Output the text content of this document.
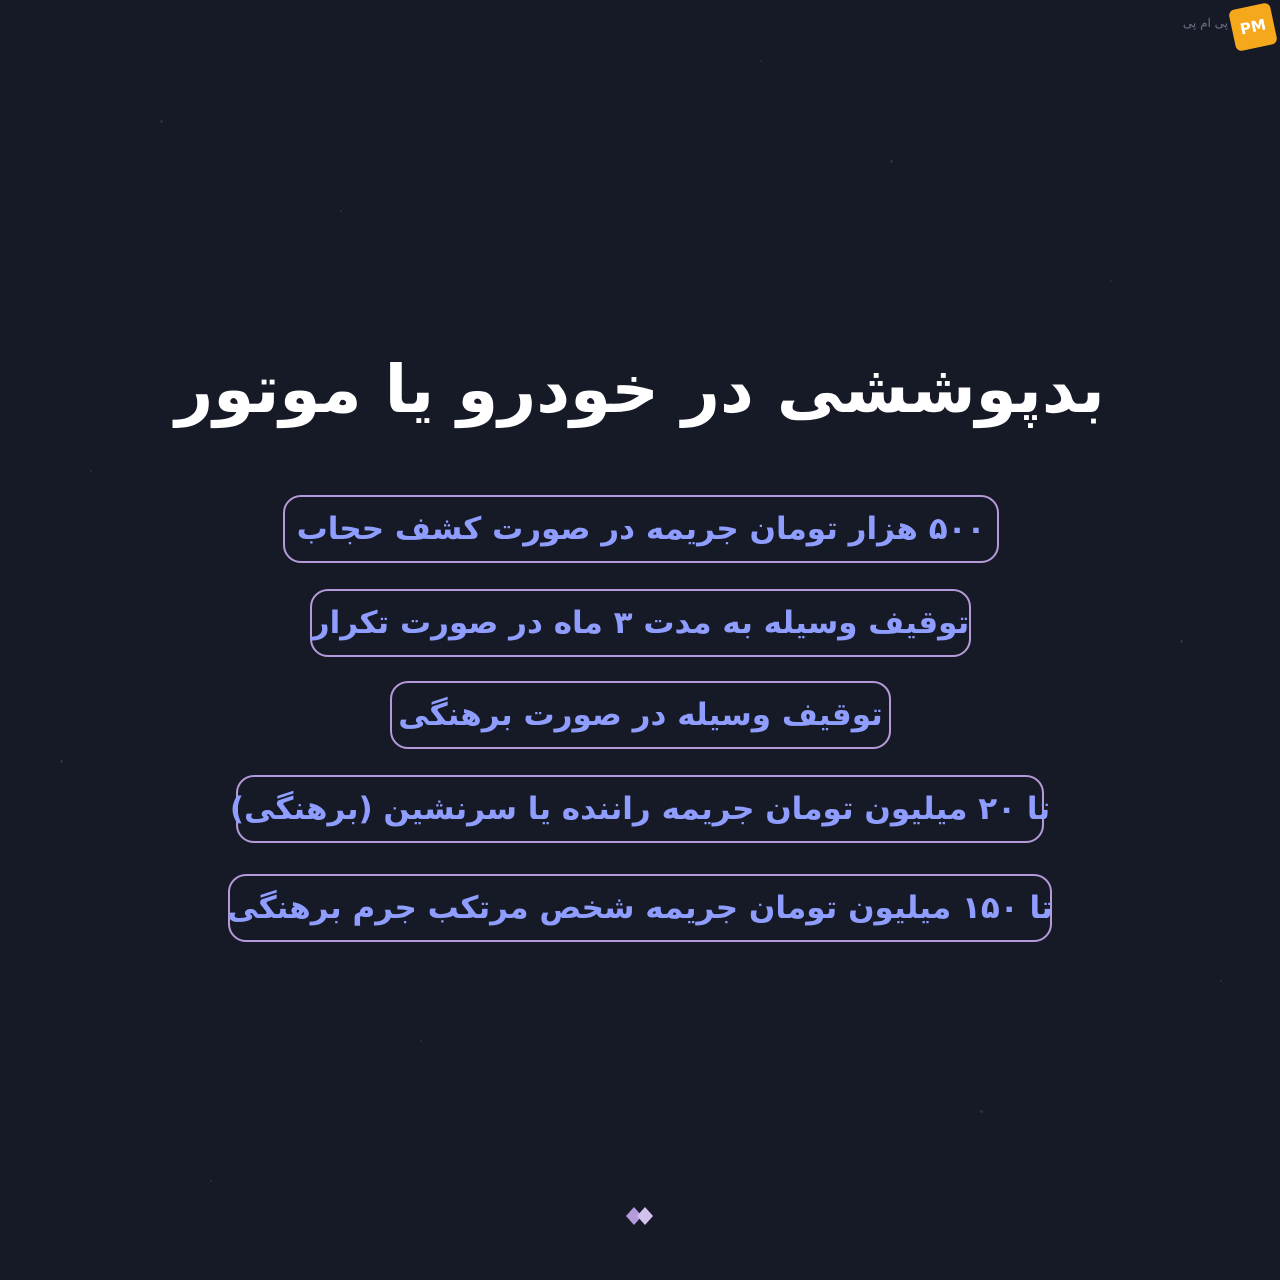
پی ام پی PM
بدپوششی در خودرو یا موتور
۵۰۰ هزار تومان جریمه در صورت کشف حجاب
توقیف وسیله به مدت ۳ ماه در صورت تکرار
توقیف وسیله در صورت برهنگی
تا ۲۰ میلیون تومان جریمه راننده یا سرنشین (برهنگی)
تا ۱۵۰ میلیون تومان جریمه شخص مرتکب جرم برهنگی
